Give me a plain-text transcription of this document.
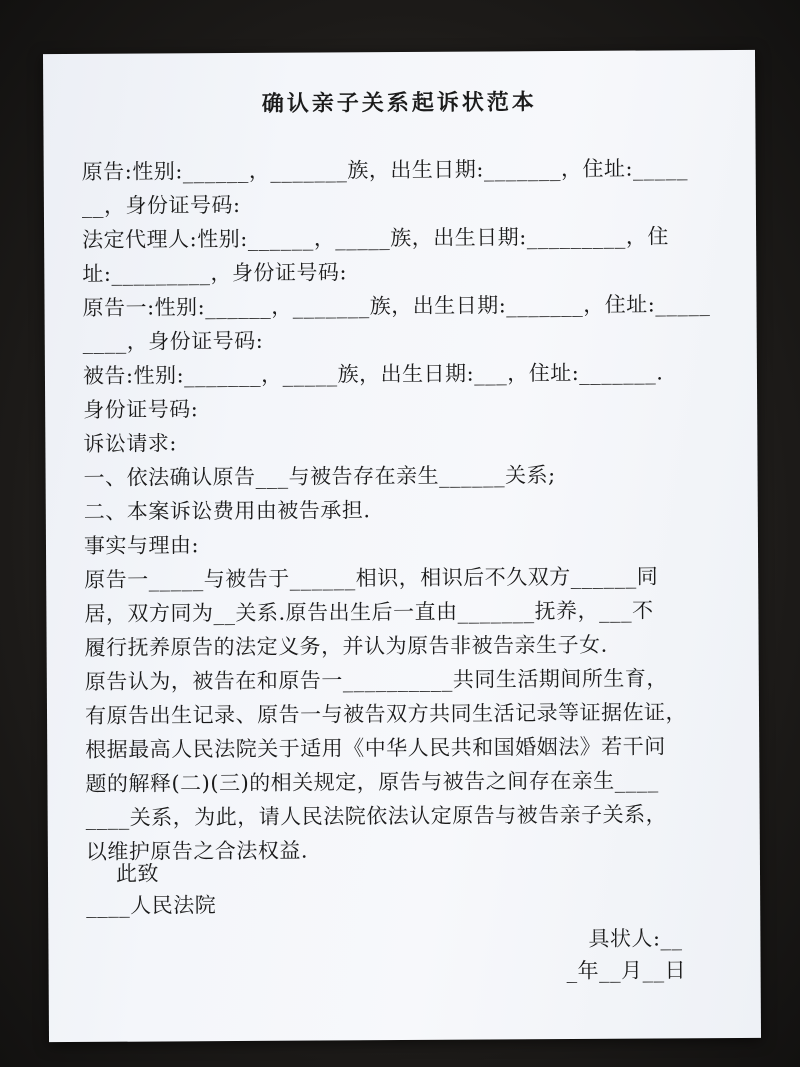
确认亲子关系起诉状范本
原告:性别:______，_______族，出生日期:_______，住址:_____
__，身份证号码:
法定代理人:性别:______，_____族，出生日期:_________，住
址:_________，身份证号码:
原告一:性别:______，_______族，出生日期:_______，住址:_____
____，身份证号码:
被告:性别:_______，_____族，出生日期:___，住址:_______.
身份证号码:
诉讼请求:
一、依法确认原告___与被告存在亲生______关系;
二、本案诉讼费用由被告承担.
事实与理由:
原告一_____与被告于______相识，相识后不久双方______同
居，双方同为__关系.原告出生后一直由_______抚养，___不
履行抚养原告的法定义务，并认为原告非被告亲生子女.
原告认为，被告在和原告一__________共同生活期间所生育，
有原告出生记录、原告一与被告双方共同生活记录等证据佐证，
根据最高人民法院关于适用《中华人民共和国婚姻法》若干问
题的解释(二)(三)的相关规定，原告与被告之间存在亲生____
____关系，为此，请人民法院依法认定原告与被告亲子关系，
以维护原告之合法权益.
此致
____人民法院
具状人:__
_年__月__日
